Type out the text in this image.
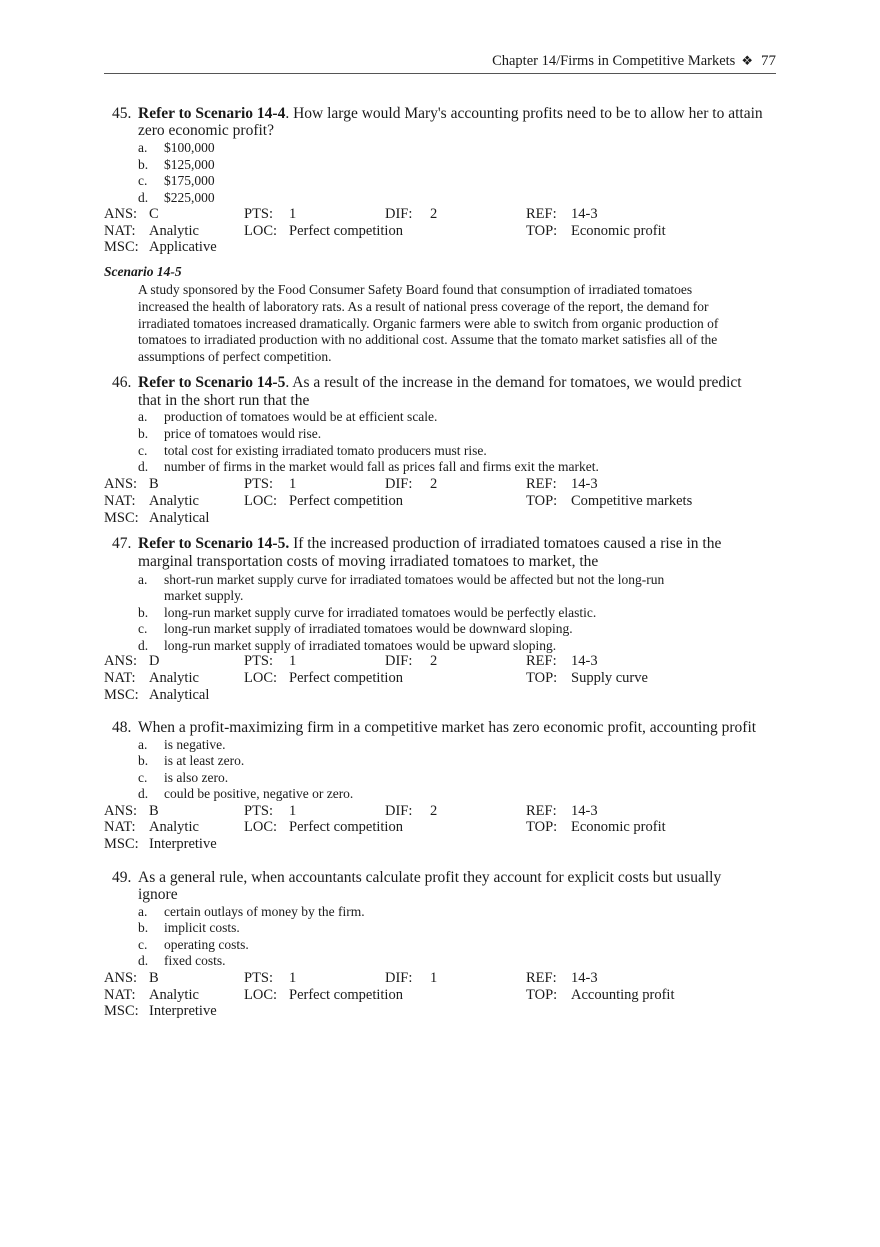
Chapter 14/Firms in Competitive Markets ❖ 77
45. Refer to Scenario 14-4. How large would Mary's accounting profits need to be to allow her to attain
zero economic profit?
a. $100,000
b. $125,000
c. $175,000
d. $225,000
ANS: C	PTS: 1	DIF: 2	REF: 14-3
NAT: Analytic	LOC: Perfect competition	TOP: Economic profit
MSC: Applicative
Scenario 14-5
A study sponsored by the Food Consumer Safety Board found that consumption of irradiated tomatoes
increased the health of laboratory rats. As a result of national press coverage of the report, the demand for
irradiated tomatoes increased dramatically. Organic farmers were able to switch from organic production of
tomatoes to irradiated production with no additional cost. Assume that the tomato market satisfies all of the
assumptions of perfect competition.
46. Refer to Scenario 14-5. As a result of the increase in the demand for tomatoes, we would predict
that in the short run that the
a. production of tomatoes would be at efficient scale.
b. price of tomatoes would rise.
c. total cost for existing irradiated tomato producers must rise.
d. number of firms in the market would fall as prices fall and firms exit the market.
ANS: B	PTS: 1	DIF: 2	REF: 14-3
NAT: Analytic	LOC: Perfect competition	TOP: Competitive markets
MSC: Analytical
47. Refer to Scenario 14-5. If the increased production of irradiated tomatoes caused a rise in the
marginal transportation costs of moving irradiated tomatoes to market, the
a. short-run market supply curve for irradiated tomatoes would be affected but not the long-run
market supply.
b. long-run market supply curve for irradiated tomatoes would be perfectly elastic.
c. long-run market supply of irradiated tomatoes would be downward sloping.
d. long-run market supply of irradiated tomatoes would be upward sloping.
ANS: D	PTS: 1	DIF: 2	REF: 14-3
NAT: Analytic	LOC: Perfect competition	TOP: Supply curve
MSC: Analytical
48. When a profit-maximizing firm in a competitive market has zero economic profit, accounting profit
a. is negative.
b. is at least zero.
c. is also zero.
d. could be positive, negative or zero.
ANS: B	PTS: 1	DIF: 2	REF: 14-3
NAT: Analytic	LOC: Perfect competition	TOP: Economic profit
MSC: Interpretive
49. As a general rule, when accountants calculate profit they account for explicit costs but usually
ignore
a. certain outlays of money by the firm.
b. implicit costs.
c. operating costs.
d. fixed costs.
ANS: B	PTS: 1	DIF: 1	REF: 14-3
NAT: Analytic	LOC: Perfect competition	TOP: Accounting profit
MSC: Interpretive
